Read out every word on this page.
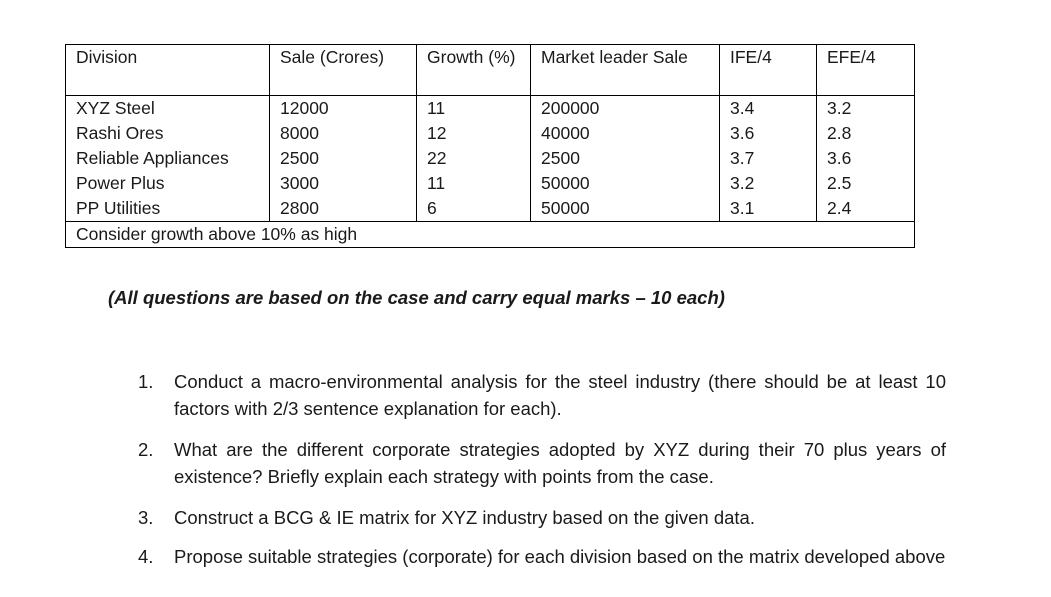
Division	Sale (Crores)	Growth (%)	Market leader Sale	IFE/4	EFE/4
XYZ Steel	12000	11	200000	3.4	3.2
Rashi Ores	8000	12	40000	3.6	2.8
Reliable Appliances	2500	22	2500	3.7	3.6
Power Plus	3000	11	50000	3.2	2.5
PP Utilities	2800	6	50000	3.1	2.4
Consider growth above 10% as high					
(All questions are based on the case and carry equal marks – 10 each)
1. Conduct a macro-environmental analysis for the steel industry (there should be at least 10 factors with 2/3 sentence explanation for each).
2. What are the different corporate strategies adopted by XYZ during their 70 plus years of existence? Briefly explain each strategy with points from the case.
3. Construct a BCG & IE matrix for XYZ industry based on the given data.
4. Propose suitable strategies (corporate) for each division based on the matrix developed above
